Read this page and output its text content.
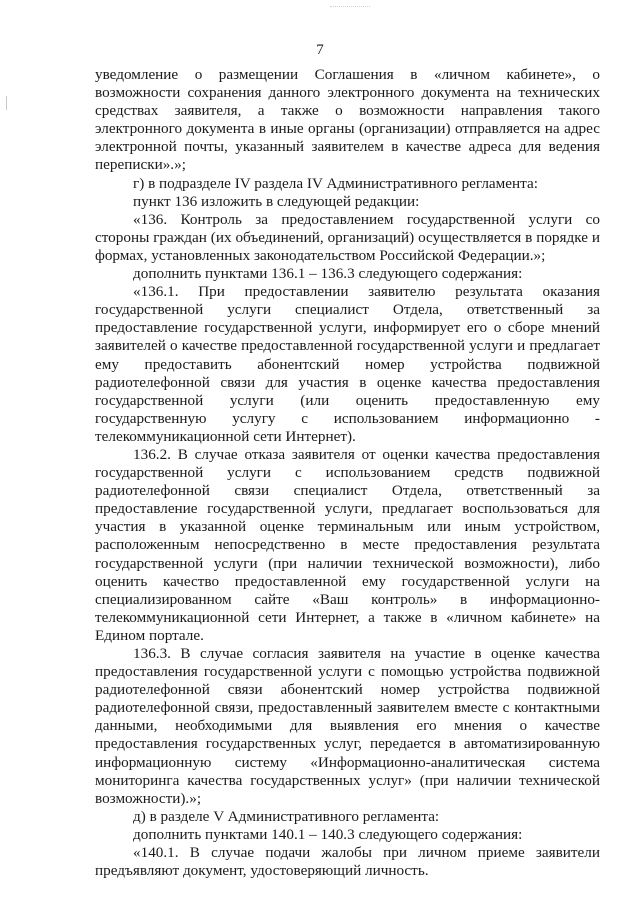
7

уведомление о размещении Соглашения в «личном кабинете», о возможности сохранения данного электронного документа на технических средствах заявителя, а также о возможности направления такого электронного документа в иные органы (организации) отправляется на адрес электронной почты, указанный заявителем в качестве адреса для ведения переписки».»;

г) в подразделе IV раздела IV Административного регламента:

пункт 136 изложить в следующей редакции:

«136. Контроль за предоставлением государственной услуги со стороны граждан (их объединений, организаций) осуществляется в порядке и формах, установленных законодательством Российской Федерации.»;

дополнить пунктами 136.1 – 136.3 следующего содержания:

«136.1. При предоставлении заявителю результата оказания государственной услуги специалист Отдела, ответственный за предоставление государственной услуги, информирует его о сборе мнений заявителей о качестве предоставленной государственной услуги и предлагает ему предоставить абонентский номер устройства подвижной радиотелефонной связи для участия в оценке качества предоставления государственной услуги (или оценить предоставленную ему государственную услугу с использованием информационно - телекоммуникационной сети Интернет).

136.2. В случае отказа заявителя от оценки качества предоставления государственной услуги с использованием средств подвижной радиотелефонной связи специалист Отдела, ответственный за предоставление государственной услуги, предлагает воспользоваться для участия в указанной оценке терминальным или иным устройством, расположенным непосредственно в месте предоставления результата государственной услуги (при наличии технической возможности), либо оценить качество предоставленной ему государственной услуги на специализированном сайте «Ваш контроль» в информационно-телекоммуникационной сети Интернет, а также в «личном кабинете» на Едином портале.

136.3. В случае согласия заявителя на участие в оценке качества предоставления государственной услуги с помощью устройства подвижной радиотелефонной связи абонентский номер устройства подвижной радиотелефонной связи, предоставленный заявителем вместе с контактными данными, необходимыми для выявления его мнения о качестве предоставления государственных услуг, передается в автоматизированную информационную систему «Информационно-аналитическая система мониторинга качества государственных услуг» (при наличии технической возможности).»;

д) в разделе V Административного регламента:

дополнить пунктами 140.1 – 140.3 следующего содержания:

«140.1. В случае подачи жалобы при личном приеме заявители предъявляют документ, удостоверяющий личность.
